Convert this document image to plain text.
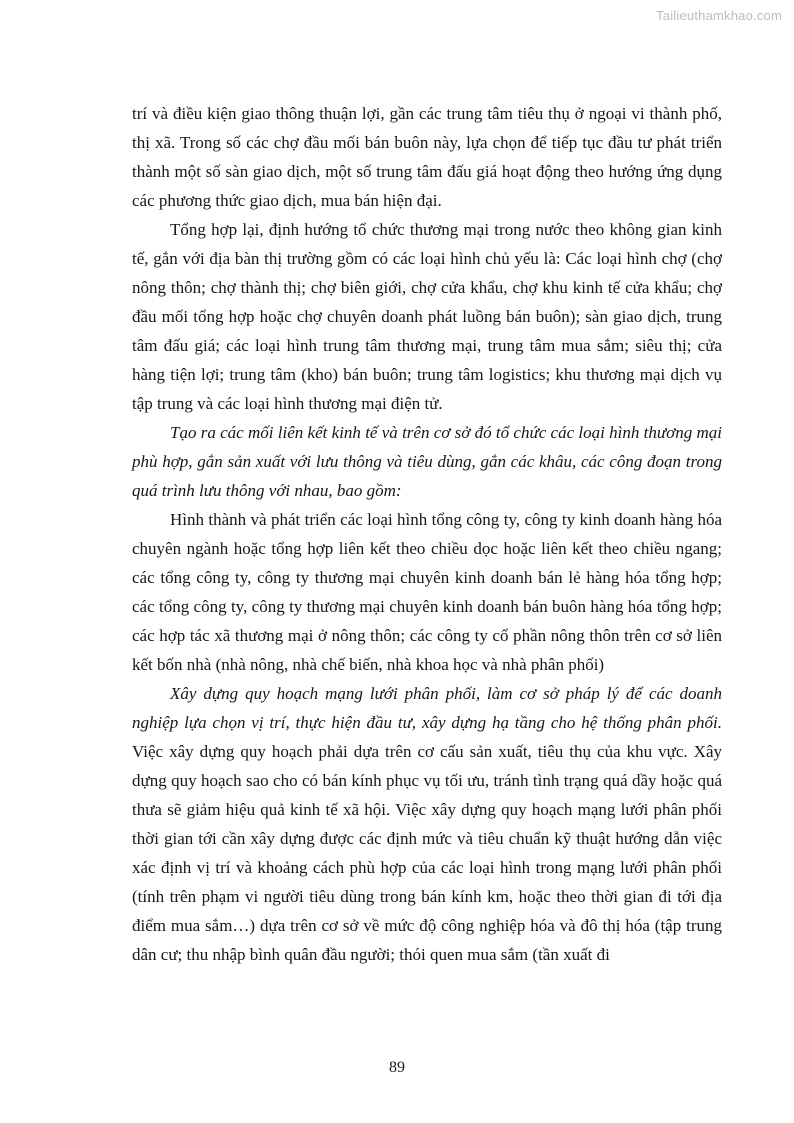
Tailieuthamkhao.com

trí và điều kiện giao thông thuận lợi, gần các trung tâm tiêu thụ ở ngoại vi thành phố, thị xã. Trong số các chợ đầu mối bán buôn này, lựa chọn để tiếp tục đầu tư phát triển thành một số sàn giao dịch, một số trung tâm đấu giá hoạt động theo hướng ứng dụng các phương thức giao dịch, mua bán hiện đại.

Tổng hợp lại, định hướng tổ chức thương mại trong nước theo không gian kinh tế, gắn với địa bàn thị trường gồm có các loại hình chủ yếu là: Các loại hình chợ (chợ nông thôn; chợ thành thị; chợ biên giới, chợ cửa khẩu, chợ khu kinh tế cửa khẩu; chợ đầu mối tổng hợp hoặc chợ chuyên doanh phát luồng bán buôn); sàn giao dịch, trung tâm đấu giá; các loại hình trung tâm thương mại, trung tâm mua sắm; siêu thị; cửa hàng tiện lợi; trung tâm (kho) bán buôn; trung tâm logistics; khu thương mại dịch vụ tập trung và các loại hình thương mại điện tử.

Tạo ra các mối liên kết kinh tế và trên cơ sở đó tổ chức các loại hình thương mại phù hợp, gắn sản xuất với lưu thông và tiêu dùng, gắn các khâu, các công đoạn trong quá trình lưu thông với nhau, bao gồm:

Hình thành và phát triển các loại hình tổng công ty, công ty kinh doanh hàng hóa chuyên ngành hoặc tổng hợp liên kết theo chiều dọc hoặc liên kết theo chiều ngang; các tổng công ty, công ty thương mại chuyên kinh doanh bán lẻ hàng hóa tổng hợp; các tổng công ty, công ty thương mại chuyên kinh doanh bán buôn hàng hóa tổng hợp; các hợp tác xã thương mại ở nông thôn; các công ty cổ phần nông thôn trên cơ sở liên kết bốn nhà (nhà nông, nhà chế biến, nhà khoa học và nhà phân phối)

Xây dựng quy hoạch mạng lưới phân phối, làm cơ sở pháp lý để các doanh nghiệp lựa chọn vị trí, thực hiện đầu tư, xây dựng hạ tầng cho hệ thống phân phối. Việc xây dựng quy hoạch phải dựa trên cơ cấu sản xuất, tiêu thụ của khu vực. Xây dựng quy hoạch sao cho có bán kính phục vụ tối ưu, tránh tình trạng quá dầy hoặc quá thưa sẽ giảm hiệu quả kinh tế xã hội. Việc xây dựng quy hoạch mạng lưới phân phối thời gian tới cần xây dựng được các định mức và tiêu chuẩn kỹ thuật hướng dẫn việc xác định vị trí và khoảng cách phù hợp của các loại hình trong mạng lưới phân phối (tính trên phạm vi người tiêu dùng trong bán kính km, hoặc theo thời gian đi tới địa điểm mua sắm…) dựa trên cơ sở về mức độ công nghiệp hóa và đô thị hóa (tập trung dân cư; thu nhập bình quân đầu người; thói quen mua sắm (tần xuất đi

89
